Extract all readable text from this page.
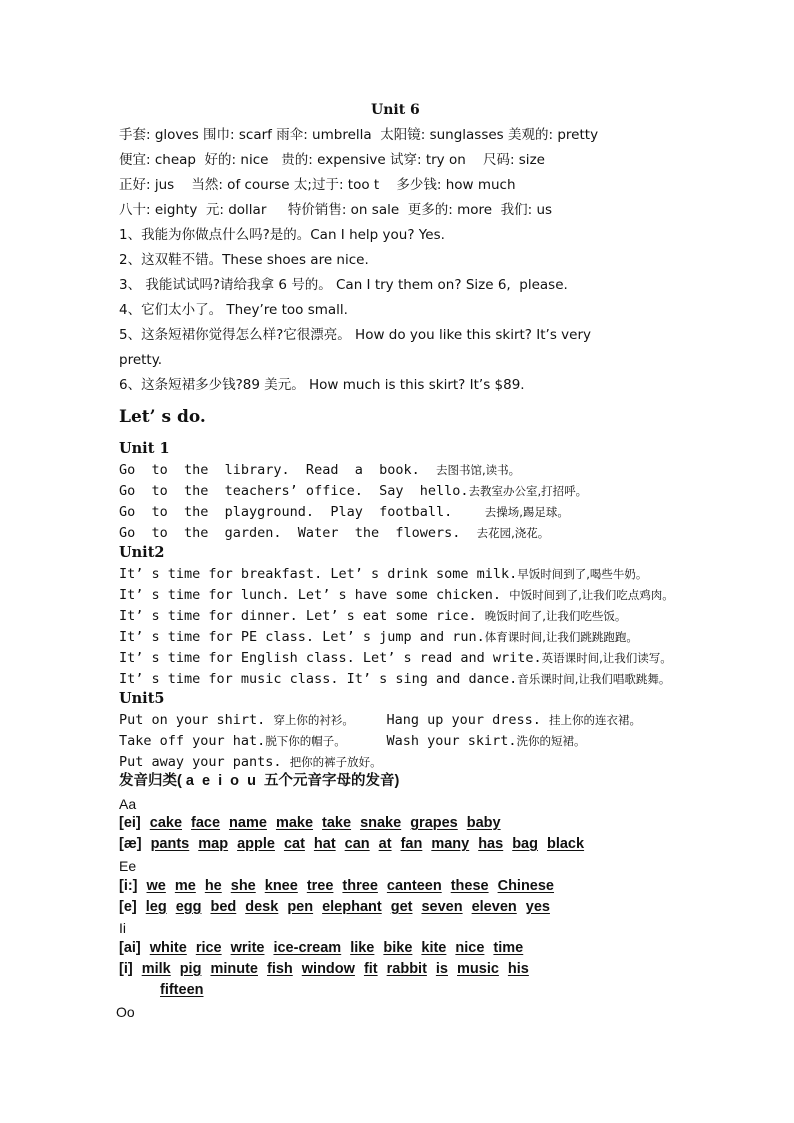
Unit 6
手套: gloves 围巾: scarf 雨伞: umbrella  太阳镜: sunglasses 美观的: pretty
便宜: cheap  好的: nice   贵的: expensive 试穿: try on    尺码: size
正好: jus    当然: of course 太;过于: too t    多少钱: how much
八十: eighty  元: dollar     特价销售: on sale  更多的: more  我们: us
1、我能为你做点什么吗?是的。Can I help you? Yes.
2、这双鞋不错。These shoes are nice.
3、 我能试试吗?请给我拿 6 号的。 Can I try them on? Size 6,  please.
4、它们太小了。 They’re too small.
5、这条短裙你觉得怎么样?它很漂亮。 How do you like this skirt? It’s very
pretty.
6、这条短裙多少钱?89 美元。 How much is this skirt? It’s $89.
Let’ s do.
Unit 1
Go  to  the  library.  Read  a  book.  去图书馆,读书。
Go  to  the  teachers’ office.  Say  hello.去教室办公室,打招呼。
Go  to  the  playground.  Play  football.    去操场,踢足球。
Go  to  the  garden.  Water  the  flowers.  去花园,浇花。
Unit2
It’ s time for breakfast. Let’ s drink some milk.早饭时间到了,喝些牛奶。
It’ s time for lunch. Let’ s have some chicken. 中饭时间到了,让我们吃点鸡肉。
It’ s time for dinner. Let’ s eat some rice. 晚饭时间了,让我们吃些饭。
It’ s time for PE class. Let’ s jump and run.体育课时间,让我们跳跳跑跑。
It’ s time for English class. Let’ s read and write.英语课时间,让我们读写。
It’ s time for music class. It’ s sing and dance.音乐课时间,让我们唱歌跳舞。
Unit5
Put on your shirt. 穿上你的衬衫。    Hang up your dress. 挂上你的连衣裙。
Take off your hat.脱下你的帽子。     Wash your skirt.洗你的短裙。
Put away your pants. 把你的裤子放好。
发音归类( a  e  i  o  u  五个元音字母的发音)
Aa
[ei] cake face name make take snake grapes baby
[æ] pants map apple cat hat can at fan many has bag black
Ee
[i:] we me he she knee tree three canteen these Chinese
[e] leg egg bed desk pen elephant get seven eleven yes
Ii
[ai] white rice write ice-cream like bike kite nice time
[i] milk pig minute fish window fit rabbit is music his
fifteen
Oo
